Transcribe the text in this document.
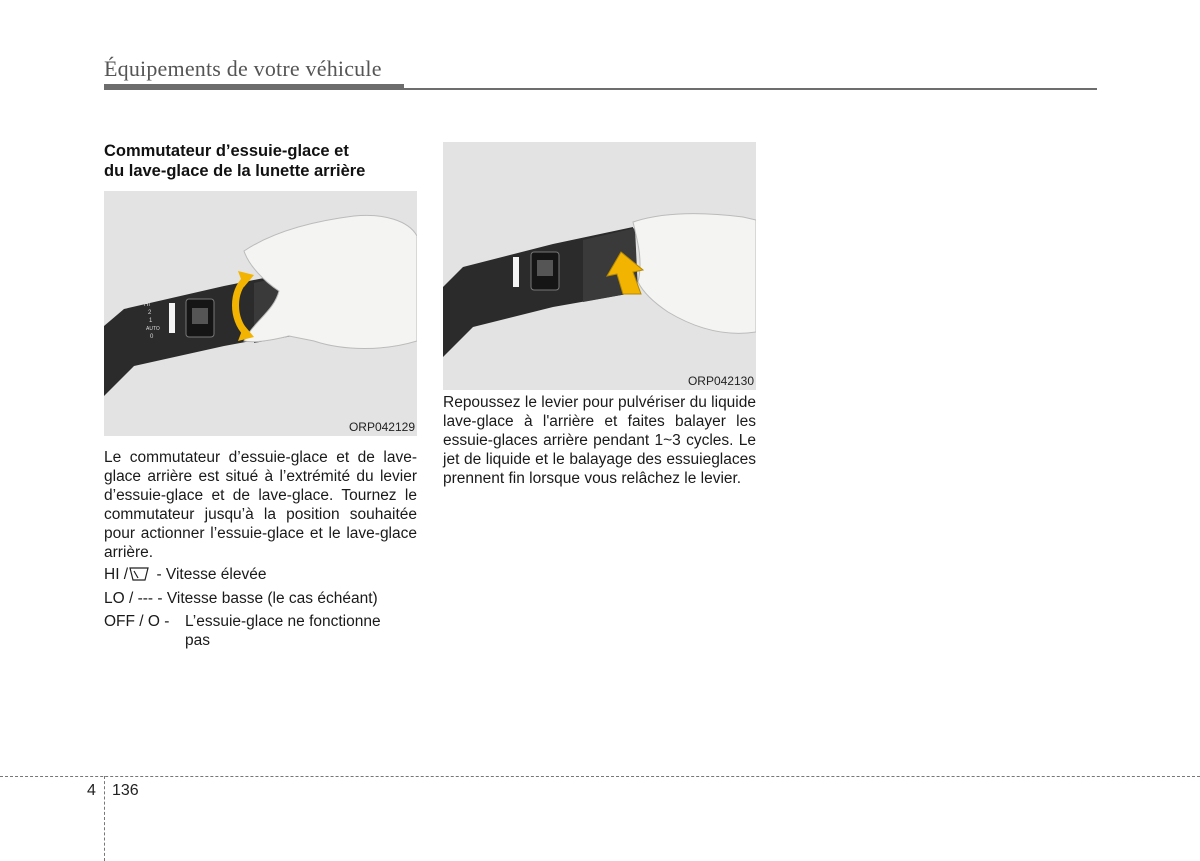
Équipements de votre véhicule
Commutateur d’essuie-glace et
du lave-glace de la lunette arrière
HI
2
1
AUTO
0
ORP042129
ORP042130
Le commutateur d’essuie-glace et de lave-glace arrière est situé à l’extrémité du levier d’essuie-glace et de lave-glace. Tournez le commutateur jusqu’à la position souhaitée pour actionner l’essuie-glace et le lave-glace arrière.
HI / - Vitesse élevée
LO / --- - Vitesse basse (le cas échéant)
OFF / O - L’essuie-glace ne fonctionne
pas
Repoussez le levier pour pulvériser du liquide lave-glace à l'arrière et faites balayer les essuie-glaces arrière pendant 1~3 cycles. Le jet de liquide et le balayage des essuieglaces prennent fin lorsque vous relâchez le levier.
4 136
